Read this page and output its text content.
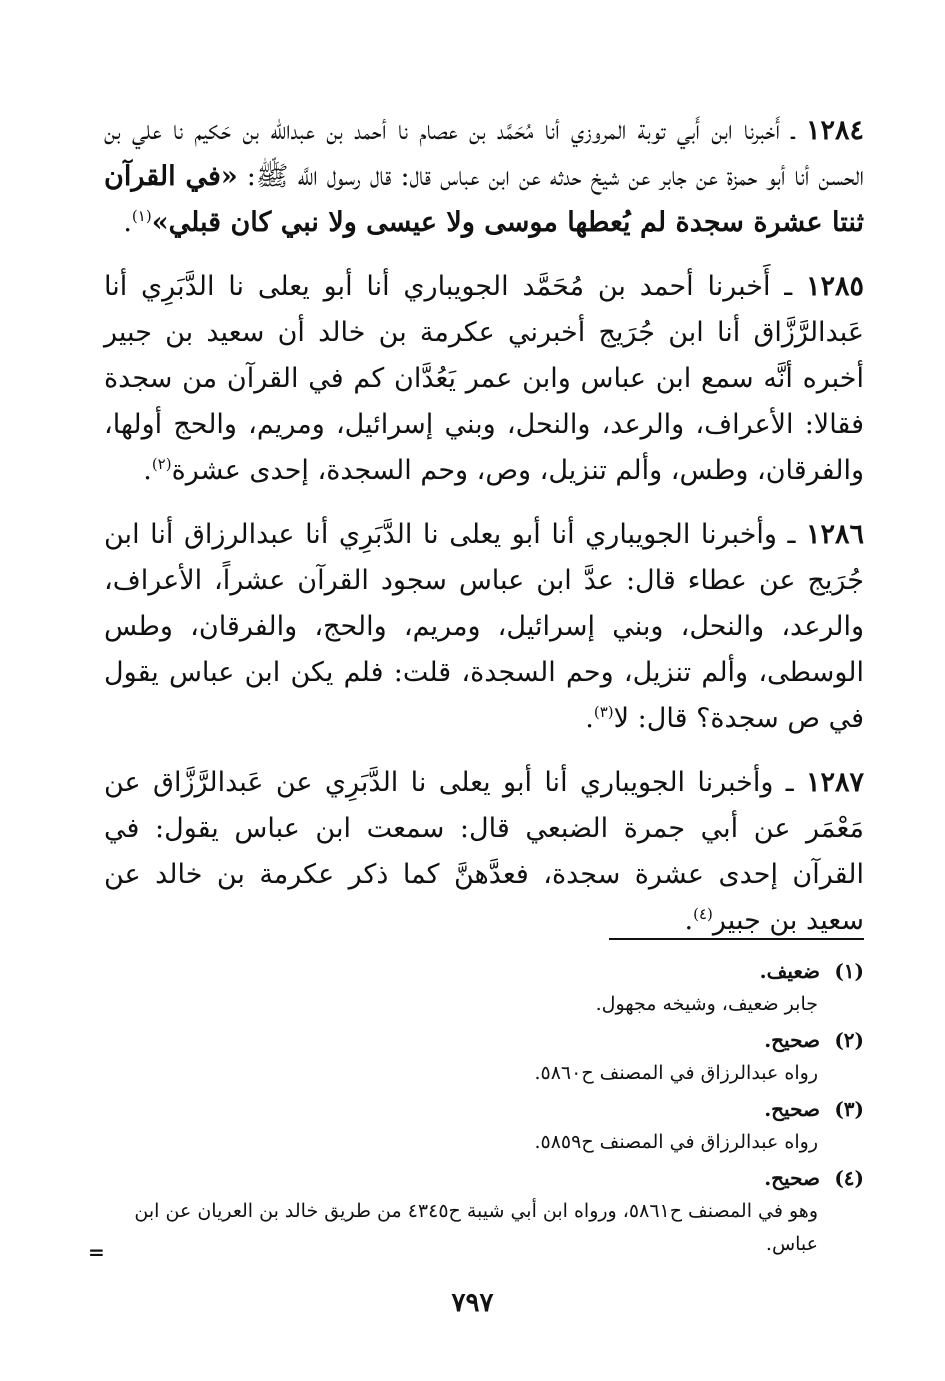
١٢٨٤ ـ أَخبرنا ابن أَبي توبة المروزي أنا مُحَمَّد بن عصام نا أحمد بن عبدالله بن حَكيم نا علي بن الحسن أنا أبو حمزة عن جابر عن شيخ حدثه عن ابن عباس قال: قال رسول اللَّه ﷺ: «في القرآن ثنتا عشرة سجدة لم يُعطها موسى ولا عيسى ولا نبي كان قبلي»$^{(١)}$.

١٢٨٥ ـ أَخبرنا أحمد بن مُحَمَّد الجويباري أنا أبو يعلى نا الدَّبَرِي أنا عَبدالرَّزَّاق أنا ابن جُرَيج أخبرني عكرمة بن خالد أن سعيد بن جبير أخبره أنَّه سمع ابن عباس وابن عمر يَعُدَّان كم في القرآن من سجدة فقالا: الأعراف، والرعد، والنحل، وبني إسرائيل، ومريم، والحج أولها، والفرقان، وطس، وألم تنزيل، وص، وحم السجدة، إحدى عشرة$^{(٢)}$.

١٢٨٦ ـ وأخبرنا الجويباري أنا أبو يعلى نا الدَّبَرِي أنا عبدالرزاق أنا ابن جُرَيج عن عطاء قال: عدَّ ابن عباس سجود القرآن عشراً، الأعراف، والرعد، والنحل، وبني إسرائيل، ومريم، والحج، والفرقان، وطس الوسطى، وألم تنزيل، وحم السجدة، قلت: فلم يكن ابن عباس يقول في ص سجدة؟ قال: لا$^{(٣)}$.

١٢٨٧ ـ وأخبرنا الجويباري أنا أبو يعلى نا الدَّبَرِي عن عَبدالرَّزَّاق عن مَعْمَر عن أبي جمرة الضبعي قال: سمعت ابن عباس يقول: في القرآن إحدى عشرة سجدة، فعدَّهنَّ كما ذكر عكرمة بن خالد عن سعيد بن جبير$^{(٤)}$.

(١)ضعيف.
جابر ضعيف، وشيخه مجهول.
(٢)صحيح.
رواه عبدالرزاق في المصنف ح٥٨٦٠.
(٣)صحيح.
رواه عبدالرزاق في المصنف ح٥٨٥٩.
(٤)صحيح.
وهو في المصنف ح٥٨٦١، ورواه ابن أبي شيبة ح٤٣٤٥ من طريق خالد بن العريان عن ابن عباس.
=
٧٩٧
